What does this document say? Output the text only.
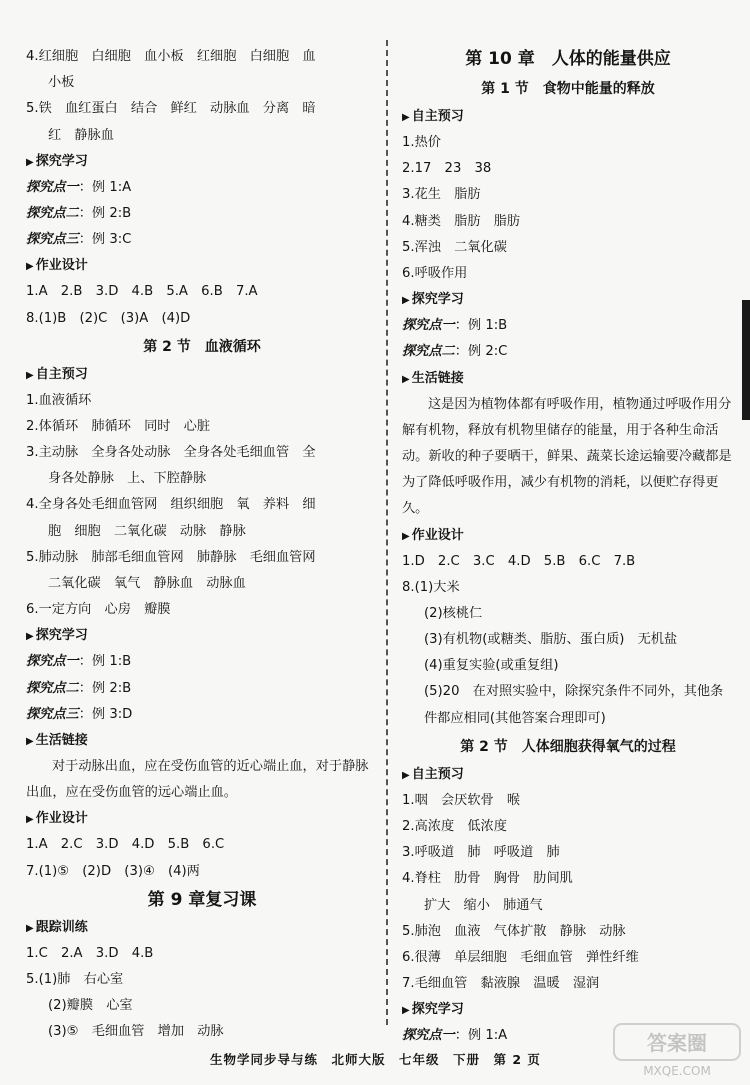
4.红细胞　白细胞　血小板　红细胞　白细胞　血
小板
5.铁　血红蛋白　结合　鲜红　动脉血　分离　暗
红　静脉血
▶ 探究学习
探究点一：例 1:A
探究点二：例 2:B
探究点三：例 3:C
▶ 作业设计
1.A　2.B　3.D　4.B　5.A　6.B　7.A
8.(1)B　(2)C　(3)A　(4)D
第 2 节　血液循环
▶ 自主预习
1.血液循环
2.体循环　肺循环　同时　心脏
3.主动脉　全身各处动脉　全身各处毛细血管　全
身各处静脉　上、下腔静脉
4.全身各处毛细血管网　组织细胞　氧　养料　细
胞　细胞　二氧化碳　动脉　静脉
5.肺动脉　肺部毛细血管网　肺静脉　毛细血管网
二氧化碳　氧气　静脉血　动脉血
6.一定方向　心房　瓣膜
▶ 探究学习
探究点一：例 1:B
探究点二：例 2:B
探究点三：例 3:D
▶ 生活链接
对于动脉出血，应在受伤血管的近心端止血，对于静脉出血，应在受伤血管的远心端止血。
▶ 作业设计
1.A　2.C　3.D　4.D　5.B　6.C
7.(1)⑤　(2)D　(3)④　(4)两
第 9 章复习课
▶ 跟踪训练
1.C　2.A　3.D　4.B
5.(1)肺　右心室
(2)瓣膜　心室
(3)⑤　毛细血管　增加　动脉
第 10 章　人体的能量供应
第 1 节　食物中能量的释放
▶ 自主预习
1.热价
2.17　23　38
3.花生　脂肪
4.糖类　脂肪　脂肪
5.浑浊　二氧化碳
6.呼吸作用
▶ 探究学习
探究点一：例 1:B
探究点二：例 2:C
▶ 生活链接
这是因为植物体都有呼吸作用，植物通过呼吸作用分解有机物，释放有机物里储存的能量，用于各种生命活动。新收的种子要晒干，鲜果、蔬菜长途运输要冷藏都是为了降低呼吸作用，减少有机物的消耗，以便贮存得更久。
▶ 作业设计
1.D　2.C　3.C　4.D　5.B　6.C　7.B
8.(1)大米
(2)核桃仁
(3)有机物(或糖类、脂肪、蛋白质)　无机盐
(4)重复实验(或重复组)
(5)20　在对照实验中，除探究条件不同外，其他条件都应相同(其他答案合理即可)
第 2 节　人体细胞获得氧气的过程
▶ 自主预习
1.咽　会厌软骨　喉
2.高浓度　低浓度
3.呼吸道　肺　呼吸道　肺
4.脊柱　肋骨　胸骨　肋间肌
扩大　缩小　肺通气
5.肺泡　血液　气体扩散　静脉　动脉
6.很薄　单层细胞　毛细血管　弹性纤维
7.毛细血管　黏液腺　温暖　湿润
▶ 探究学习
探究点一：例 1:A
生物学同步导与练　北师大版　七年级　下册　第 2 页
答案圈
MXQE.COM
